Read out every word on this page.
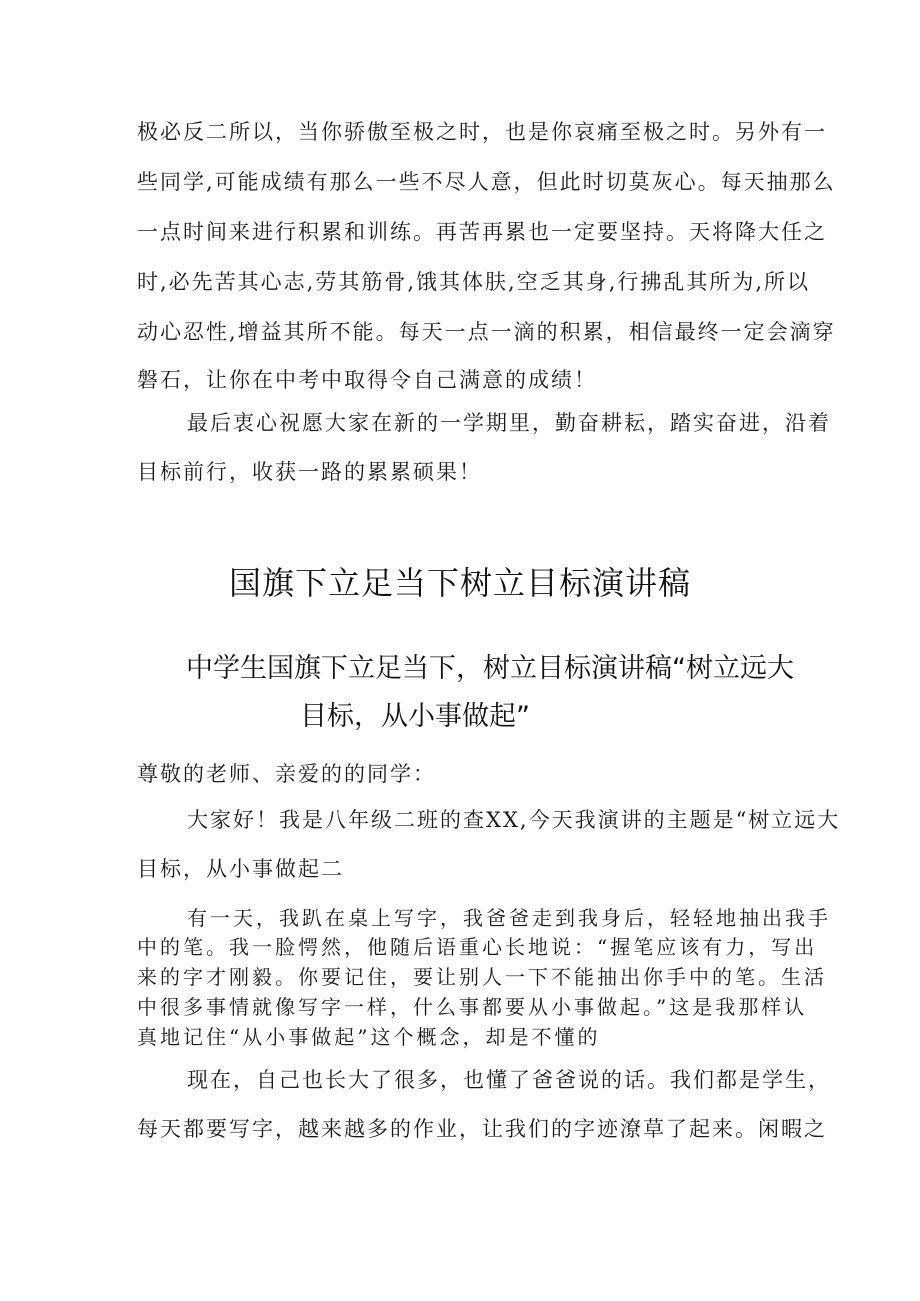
极必反二所以，当你骄傲至极之时，也是你哀痛至极之时。另外有一
些同学,可能成绩有那么一些不尽人意，但此时切莫灰心。每天抽那么
一点时间来进行积累和训练。再苦再累也一定要坚持。天将降大任之
时,必先苦其心志,劳其筋骨,饿其体肤,空乏其身,行拂乱其所为,所以
动心忍性,增益其所不能。每天一点一滴的积累，相信最终一定会滴穿
磐石，让你在中考中取得令自己满意的成绩！
最后衷心祝愿大家在新的一学期里，勤奋耕耘，踏实奋进，沿着
目标前行，收获一路的累累硕果！
国旗下立足当下树立目标演讲稿
中学生国旗下立足当下，树立目标演讲稿“树立远大
目标，从小事做起”
尊敬的老师、亲爱的的同学：
大家好！我是八年级二班的查XX,今天我演讲的主题是“树立远大
目标，从小事做起二
有一天，我趴在桌上写字，我爸爸走到我身后，轻轻地抽出我手
中的笔。我一脸愕然，他随后语重心长地说：“握笔应该有力，写出
来的字才刚毅。你要记住，要让别人一下不能抽出你手中的笔。生活
中很多事情就像写字一样，什么事都要从小事做起。”这是我那样认
真地记住“从小事做起”这个概念，却是不懂的
现在，自己也长大了很多，也懂了爸爸说的话。我们都是学生，
每天都要写字，越来越多的作业，让我们的字迹潦草了起来。闲暇之
